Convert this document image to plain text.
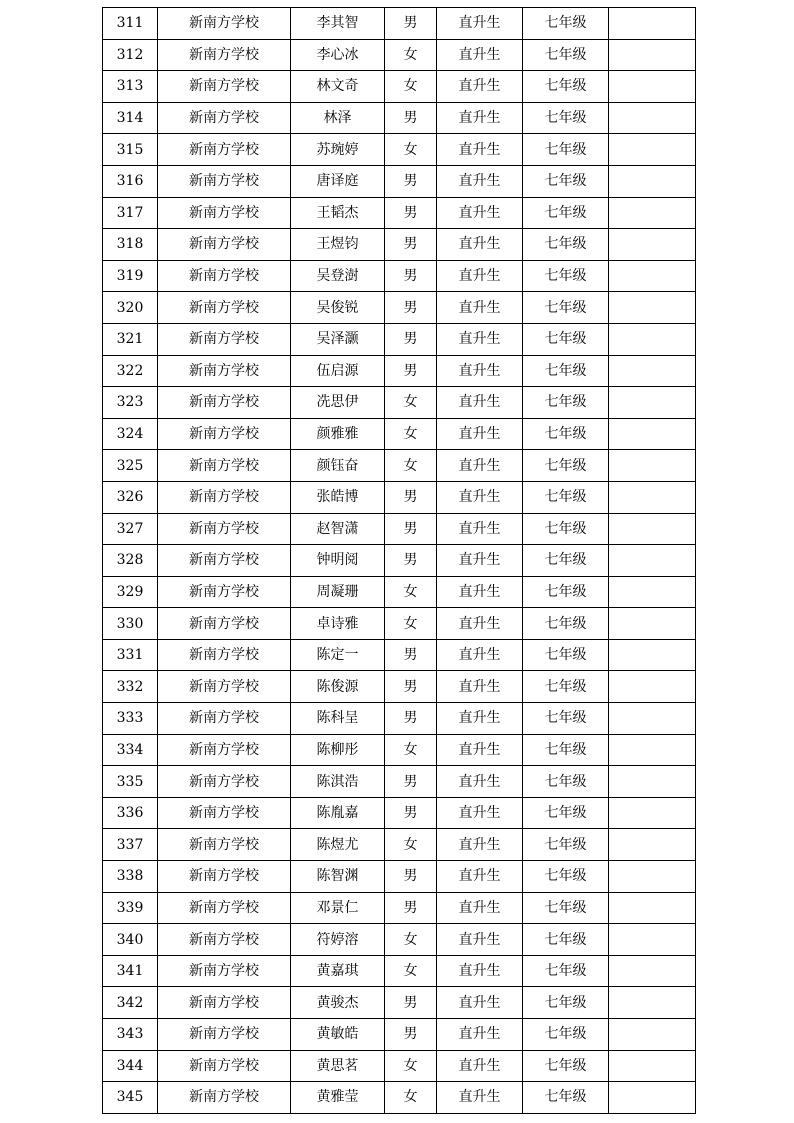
311	新南方学校	李其智	男	直升生	七年级	
312	新南方学校	李心冰	女	直升生	七年级	
313	新南方学校	林文奇	女	直升生	七年级	
314	新南方学校	林泽	男	直升生	七年级	
315	新南方学校	苏琬婷	女	直升生	七年级	
316	新南方学校	唐译庭	男	直升生	七年级	
317	新南方学校	王韬杰	男	直升生	七年级	
318	新南方学校	王煜钧	男	直升生	七年级	
319	新南方学校	吴登澍	男	直升生	七年级	
320	新南方学校	吴俊锐	男	直升生	七年级	
321	新南方学校	吴泽灏	男	直升生	七年级	
322	新南方学校	伍启源	男	直升生	七年级	
323	新南方学校	冼思伊	女	直升生	七年级	
324	新南方学校	颜雅雅	女	直升生	七年级	
325	新南方学校	颜钰奋	女	直升生	七年级	
326	新南方学校	张皓博	男	直升生	七年级	
327	新南方学校	赵智潇	男	直升生	七年级	
328	新南方学校	钟明阅	男	直升生	七年级	
329	新南方学校	周凝珊	女	直升生	七年级	
330	新南方学校	卓诗雅	女	直升生	七年级	
331	新南方学校	陈定一	男	直升生	七年级	
332	新南方学校	陈俊源	男	直升生	七年级	
333	新南方学校	陈科呈	男	直升生	七年级	
334	新南方学校	陈柳彤	女	直升生	七年级	
335	新南方学校	陈淇浩	男	直升生	七年级	
336	新南方学校	陈胤嘉	男	直升生	七年级	
337	新南方学校	陈煜尤	女	直升生	七年级	
338	新南方学校	陈智渊	男	直升生	七年级	
339	新南方学校	邓景仁	男	直升生	七年级	
340	新南方学校	符婷溶	女	直升生	七年级	
341	新南方学校	黄嘉琪	女	直升生	七年级	
342	新南方学校	黄骏杰	男	直升生	七年级	
343	新南方学校	黄敏皓	男	直升生	七年级	
344	新南方学校	黄思茗	女	直升生	七年级	
345	新南方学校	黄雅莹	女	直升生	七年级	
